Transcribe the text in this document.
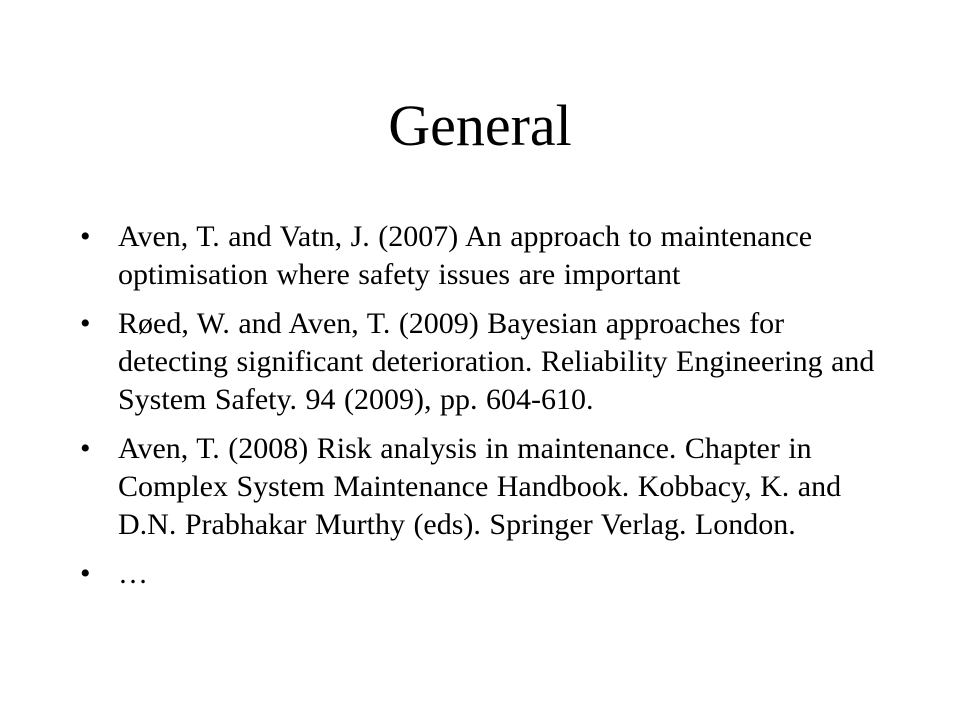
General
• Aven, T. and Vatn, J. (2007) An approach to maintenance optimisation where safety issues are important
• Røed, W. and Aven, T. (2009) Bayesian approaches for detecting significant deterioration. Reliability Engineering and System Safety. 94 (2009), pp. 604-610.
• Aven, T. (2008) Risk analysis in maintenance. Chapter in Complex System Maintenance Handbook. Kobbacy, K. and D.N. Prabhakar Murthy (eds). Springer Verlag. London.
• …
